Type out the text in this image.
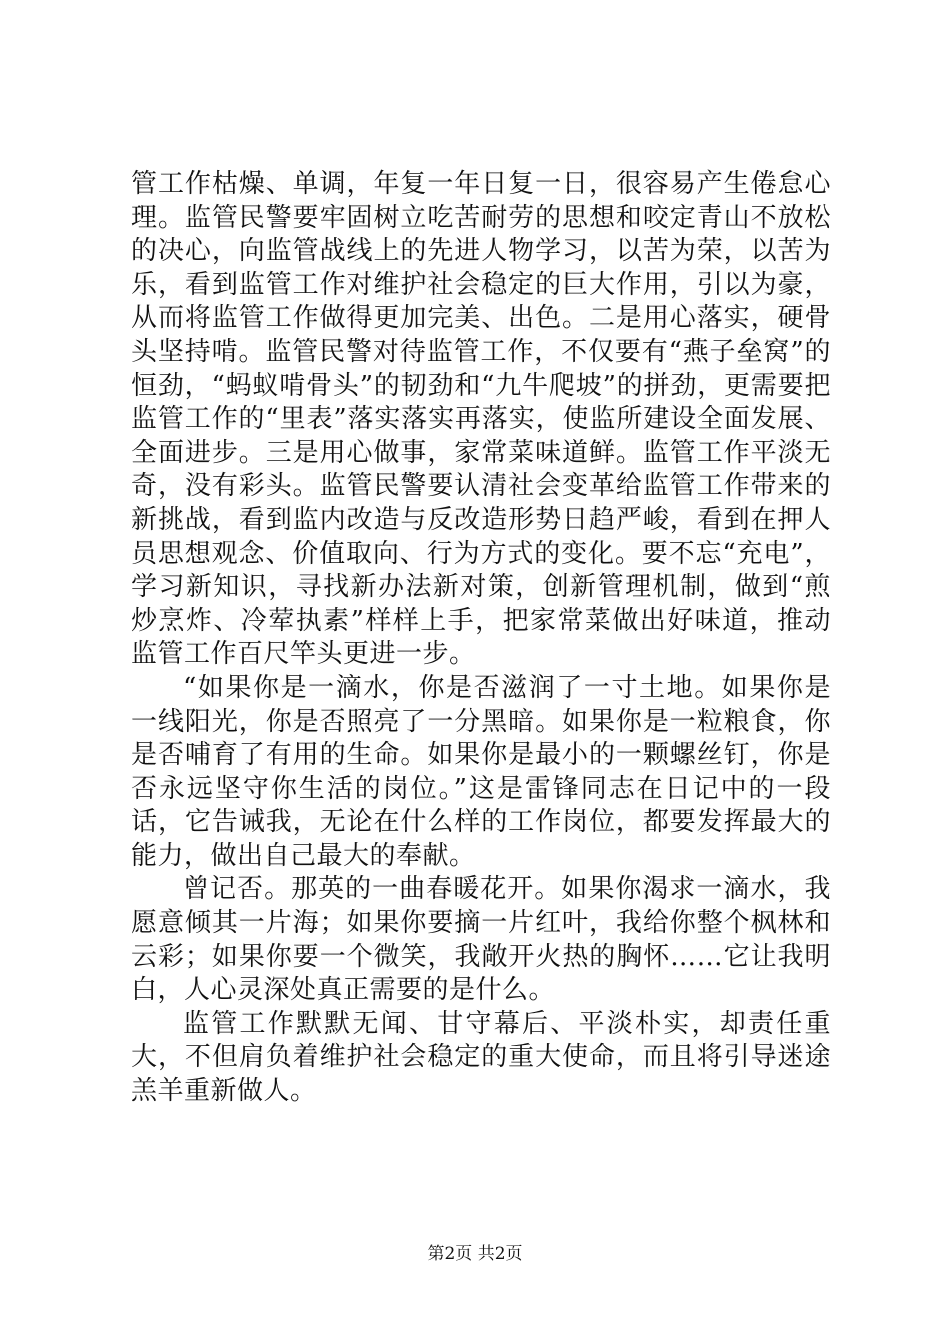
管工作枯燥、单调，年复一年日复一日，很容易产生倦怠心理。监管民警要牢固树立吃苦耐劳的思想和咬定青山不放松的决心，向监管战线上的先进人物学习，以苦为荣，以苦为乐，看到监管工作对维护社会稳定的巨大作用，引以为豪，从而将监管工作做得更加完美、出色。二是用心落实，硬骨头坚持啃。监管民警对待监管工作，不仅要有“燕子垒窝”的恒劲，“蚂蚁啃骨头”的韧劲和“九牛爬坡”的拼劲，更需要把监管工作的“里表”落实落实再落实，使监所建设全面发展、全面进步。三是用心做事，家常菜味道鲜。监管工作平淡无奇，没有彩头。监管民警要认清社会变革给监管工作带来的新挑战，看到监内改造与反改造形势日趋严峻，看到在押人员思想观念、价值取向、行为方式的变化。要不忘“充电”，学习新知识，寻找新办法新对策，创新管理机制，做到“煎炒烹炸、冷荤执素”样样上手，把家常菜做出好味道，推动监管工作百尺竿头更进一步。

“如果你是一滴水，你是否滋润了一寸土地。如果你是一线阳光，你是否照亮了一分黑暗。如果你是一粒粮食，你是否哺育了有用的生命。如果你是最小的一颗螺丝钉，你是否永远坚守你生活的岗位。”这是雷锋同志在日记中的一段话，它告诫我，无论在什么样的工作岗位，都要发挥最大的能力，做出自己最大的奉献。

曾记否。那英的一曲春暖花开。如果你渴求一滴水，我愿意倾其一片海；如果你要摘一片红叶，我给你整个枫林和云彩；如果你要一个微笑，我敞开火热的胸怀……它让我明白，人心灵深处真正需要的是什么。

监管工作默默无闻、甘守幕后、平淡朴实，却责任重大，不但肩负着维护社会稳定的重大使命，而且将引导迷途羔羊重新做人。

第2页 共2页
